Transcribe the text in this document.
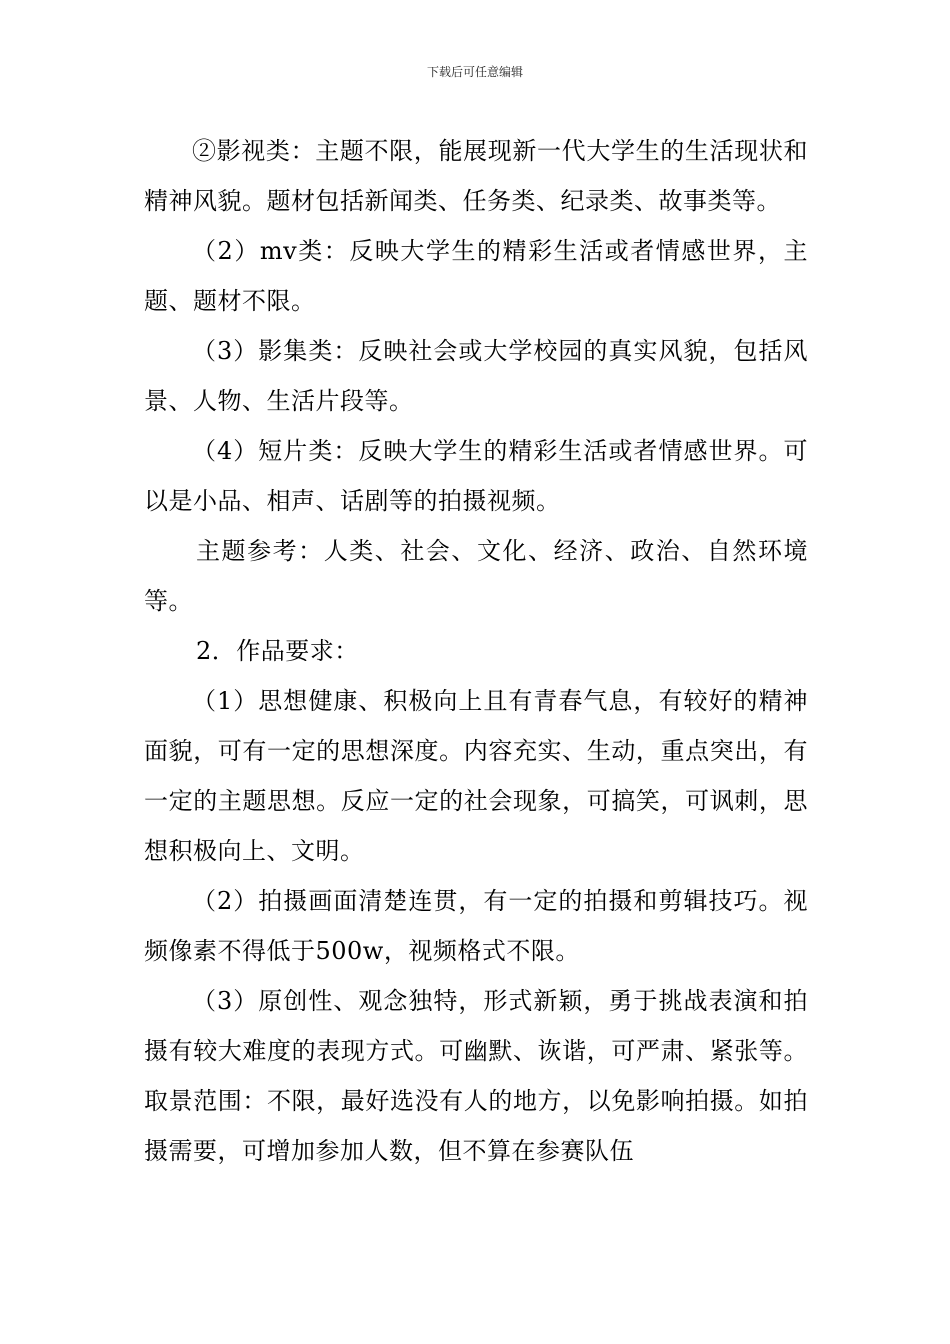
下载后可任意编辑

②影视类：主题不限，能展现新一代大学生的生活现状和精神风貌。题材包括新闻类、任务类、纪录类、故事类等。

（2）mv类：反映大学生的精彩生活或者情感世界，主题、题材不限。

（3）影集类：反映社会或大学校园的真实风貌，包括风景、人物、生活片段等。

（4）短片类：反映大学生的精彩生活或者情感世界。可以是小品、相声、话剧等的拍摄视频。

主题参考：人类、社会、文化、经济、政治、自然环境等。

2．作品要求：

（1）思想健康、积极向上且有青春气息，有较好的精神面貌，可有一定的思想深度。内容充实、生动，重点突出，有一定的主题思想。反应一定的社会现象，可搞笑，可讽刺，思想积极向上、文明。

（2）拍摄画面清楚连贯，有一定的拍摄和剪辑技巧。视频像素不得低于500w，视频格式不限。

（3）原创性、观念独特，形式新颖，勇于挑战表演和拍摄有较大难度的表现方式。可幽默、诙谐，可严肃、紧张等。取景范围：不限，最好选没有人的地方，以免影响拍摄。如拍摄需要，可增加参加人数，但不算在参赛队伍
